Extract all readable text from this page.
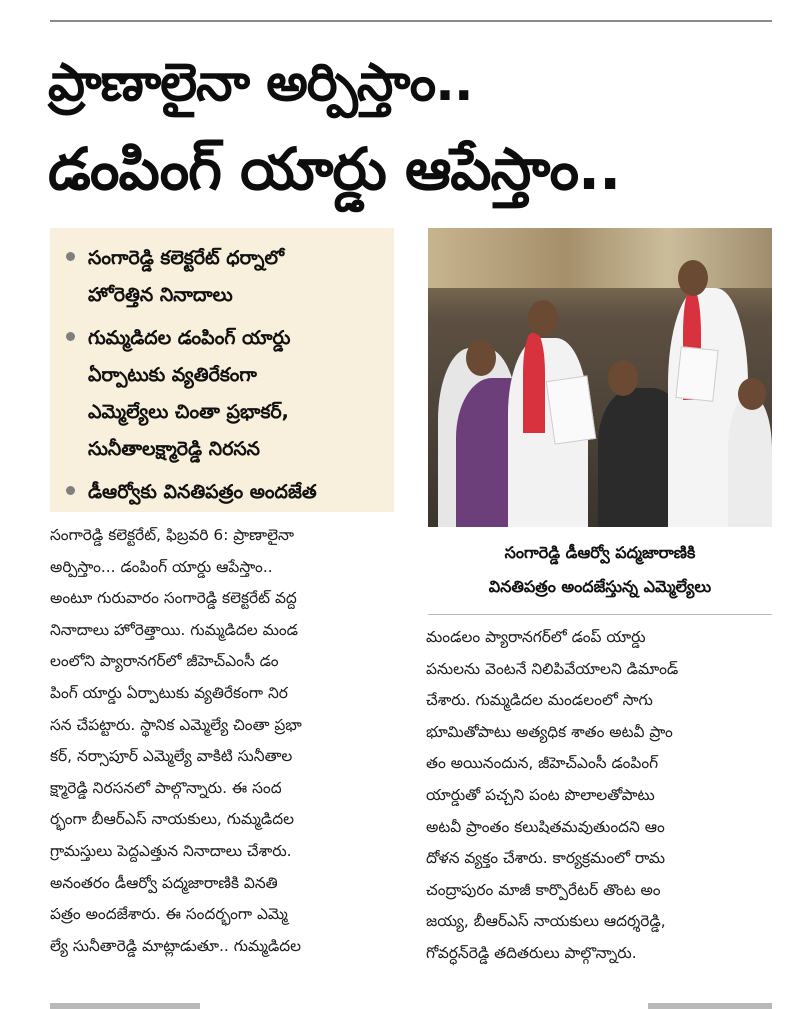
ప్రాణాలైనా అర్పిస్తాం..
డంపింగ్ యార్డు ఆపేస్తాం..
సంగారెడ్డి కలెక్టరేట్ ధర్నాలో
హోరెత్తిన నినాదాలు
గుమ్మడిదల డంపింగ్ యార్డు
ఏర్పాటుకు వ్యతిరేకంగా
ఎమ్మెల్యేలు చింతా ప్రభాకర్,
సునీతాలక్ష్మారెడ్డి నిరసన
డీఆర్వోకు వినతిపత్రం అందజేత
సంగారెడ్డి డీఆర్వో పద్మజారాణికి
వినతిపత్రం అందజేస్తున్న ఎమ్మెల్యేలు
సంగారెడ్డి కలెక్టరేట్, ఫిబ్రవరి 6: ప్రాణాలైనా
అర్పిస్తాం... డంపింగ్ యార్డు ఆపేస్తాం..
అంటూ గురువారం సంగారెడ్డి కలెక్టరేట్ వద్ద
నినాదాలు హోరెత్తాయి. గుమ్మడిదల మండ
లంలోని ప్యారానగర్‌లో జీహెచ్‌ఎంసీ డం
పింగ్ యార్డు ఏర్పాటుకు వ్యతిరేకంగా నిర
సన చేపట్టారు. స్థానిక ఎమ్మెల్యే చింతా ప్రభా
కర్, నర్సాపూర్ ఎమ్మెల్యే వాకిటి సునీతాల
క్ష్మారెడ్డి నిరసనలో పాల్గొన్నారు. ఈ సంద
ర్భంగా బీఆర్‌ఎస్ నాయకులు, గుమ్మడిదల
గ్రామస్తులు పెద్దఎత్తున నినాదాలు చేశారు.
అనంతరం డీఆర్వో పద్మజారాణికి వినతి
పత్రం అందజేశారు. ఈ సందర్భంగా ఎమ్మె
ల్యే సునీతారెడ్డి మాట్లాడుతూ.. గుమ్మడిదల
మండలం ప్యారానగర్‌లో డంప్ యార్డు
పనులను వెంటనే నిలిపివేయాలని డిమాండ్
చేశారు. గుమ్మడిదల మండలంలో సాగు
భూమితోపాటు అత్యధిక శాతం అటవీ ప్రాం
తం అయినందున, జీహెచ్‌ఎంసీ డంపింగ్
యార్డుతో పచ్చని పంట పొలాలతోపాటు
అటవీ ప్రాంతం కలుషితమవుతుందని ఆం
దోళన వ్యక్తం చేశారు. కార్యక్రమంలో రామ
చంద్రాపురం మాజీ కార్పొరేటర్ తొంట అం
జయ్య, బీఆర్‌ఎస్ నాయకులు ఆదర్శరెడ్డి,
గోవర్ధన్‌రెడ్డి తదితరులు పాల్గొన్నారు.
